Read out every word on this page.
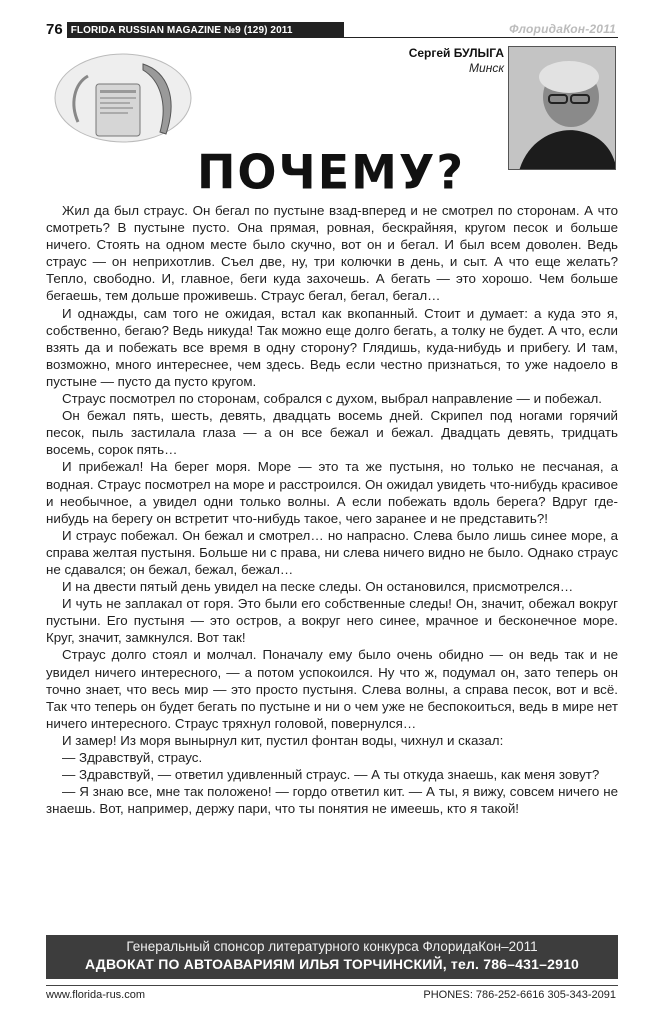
76 FLORIDA RUSSIAN MAGAZINE №9 (129) 2011	ФлоридаКон-2011
Сергей БУЛЫГА
Минск
ПОЧЕМУ?

Жил да был страус. Он бегал по пустыне взад-вперед и не смотрел по сторонам. А что смотреть? В пустыне пусто. Она прямая, ровная, бескрайняя, кругом песок и больше ничего. Стоять на одном месте было скучно, вот он и бегал. И был всем доволен. Ведь страус — он неприхотлив. Съел две, ну, три колючки в день, и сыт. А что еще желать? Тепло, свободно. И, главное, беги куда захочешь. А бегать — это хорошо. Чем больше бегаешь, тем дольше проживешь. Страус бегал, бегал, бегал…

И однажды, сам того не ожидая, встал как вкопанный. Стоит и думает: а куда это я, собственно, бегаю? Ведь никуда! Так можно еще долго бегать, а толку не будет. А что, если взять да и побежать все время в одну сторону? Глядишь, куда-нибудь и прибегу. И там, возможно, много интереснее, чем здесь. Ведь если честно признаться, то уже надоело в пустыне — пусто да пусто кругом.

Страус посмотрел по сторонам, собрался с духом, выбрал направление — и побежал.

Он бежал пять, шесть, девять, двадцать восемь дней. Скрипел под ногами горячий песок, пыль застилала глаза — а он все бежал и бежал. Двадцать девять, тридцать восемь, сорок пять…

И прибежал! На берег моря. Море — это та же пустыня, но только не песчаная, а водная. Страус посмотрел на море и расстроился. Он ожидал увидеть что-нибудь красивое и необычное, а увидел одни только волны. А если побежать вдоль берега? Вдруг где-нибудь на берегу он встретит что-нибудь такое, чего заранее и не представить?!

И страус побежал. Он бежал и смотрел… но напрасно. Слева было лишь синее море, а справа желтая пустыня. Больше ни с права, ни слева ничего видно не было. Однако страус не сдавался; он бежал, бежал, бежал…

И на двести пятый день увидел на песке следы. Он остановился, присмотрелся…

И чуть не заплакал от горя. Это были его собственные следы! Он, значит, обежал вокруг пустыни. Его пустыня — это остров, а вокруг него синее, мрачное и бесконечное море. Круг, значит, замкнулся. Вот так!

Страус долго стоял и молчал. Поначалу ему было очень обидно — он ведь так и не увидел ничего интересного, — а потом успокоился. Ну что ж, подумал он, зато теперь он точно знает, что весь мир — это просто пустыня. Слева волны, а справа песок, вот и всё. Так что теперь он будет бегать по пустыне и ни о чем уже не беспокоиться, ведь в мире нет ничего интересного. Страус тряхнул головой, повернулся…

И замер! Из моря вынырнул кит, пустил фонтан воды, чихнул и сказал:

— Здравствуй, страус.

— Здравствуй, — ответил удивленный страус. — А ты откуда знаешь, как меня зовут?

— Я знаю все, мне так положено! — гордо ответил кит. — А ты, я вижу, совсем ничего не знаешь. Вот, например, держу пари, что ты понятия не имеешь, кто я такой!

Генеральный спонсор литературного конкурса ФлоридаКон–2011
АДВОКАТ ПО АВТОАВАРИЯМ ИЛЬЯ ТОРЧИНСКИЙ, тел. 786–431–2910
www.florida-rus.com	PHONES: 786-252-6616 305-343-2091
